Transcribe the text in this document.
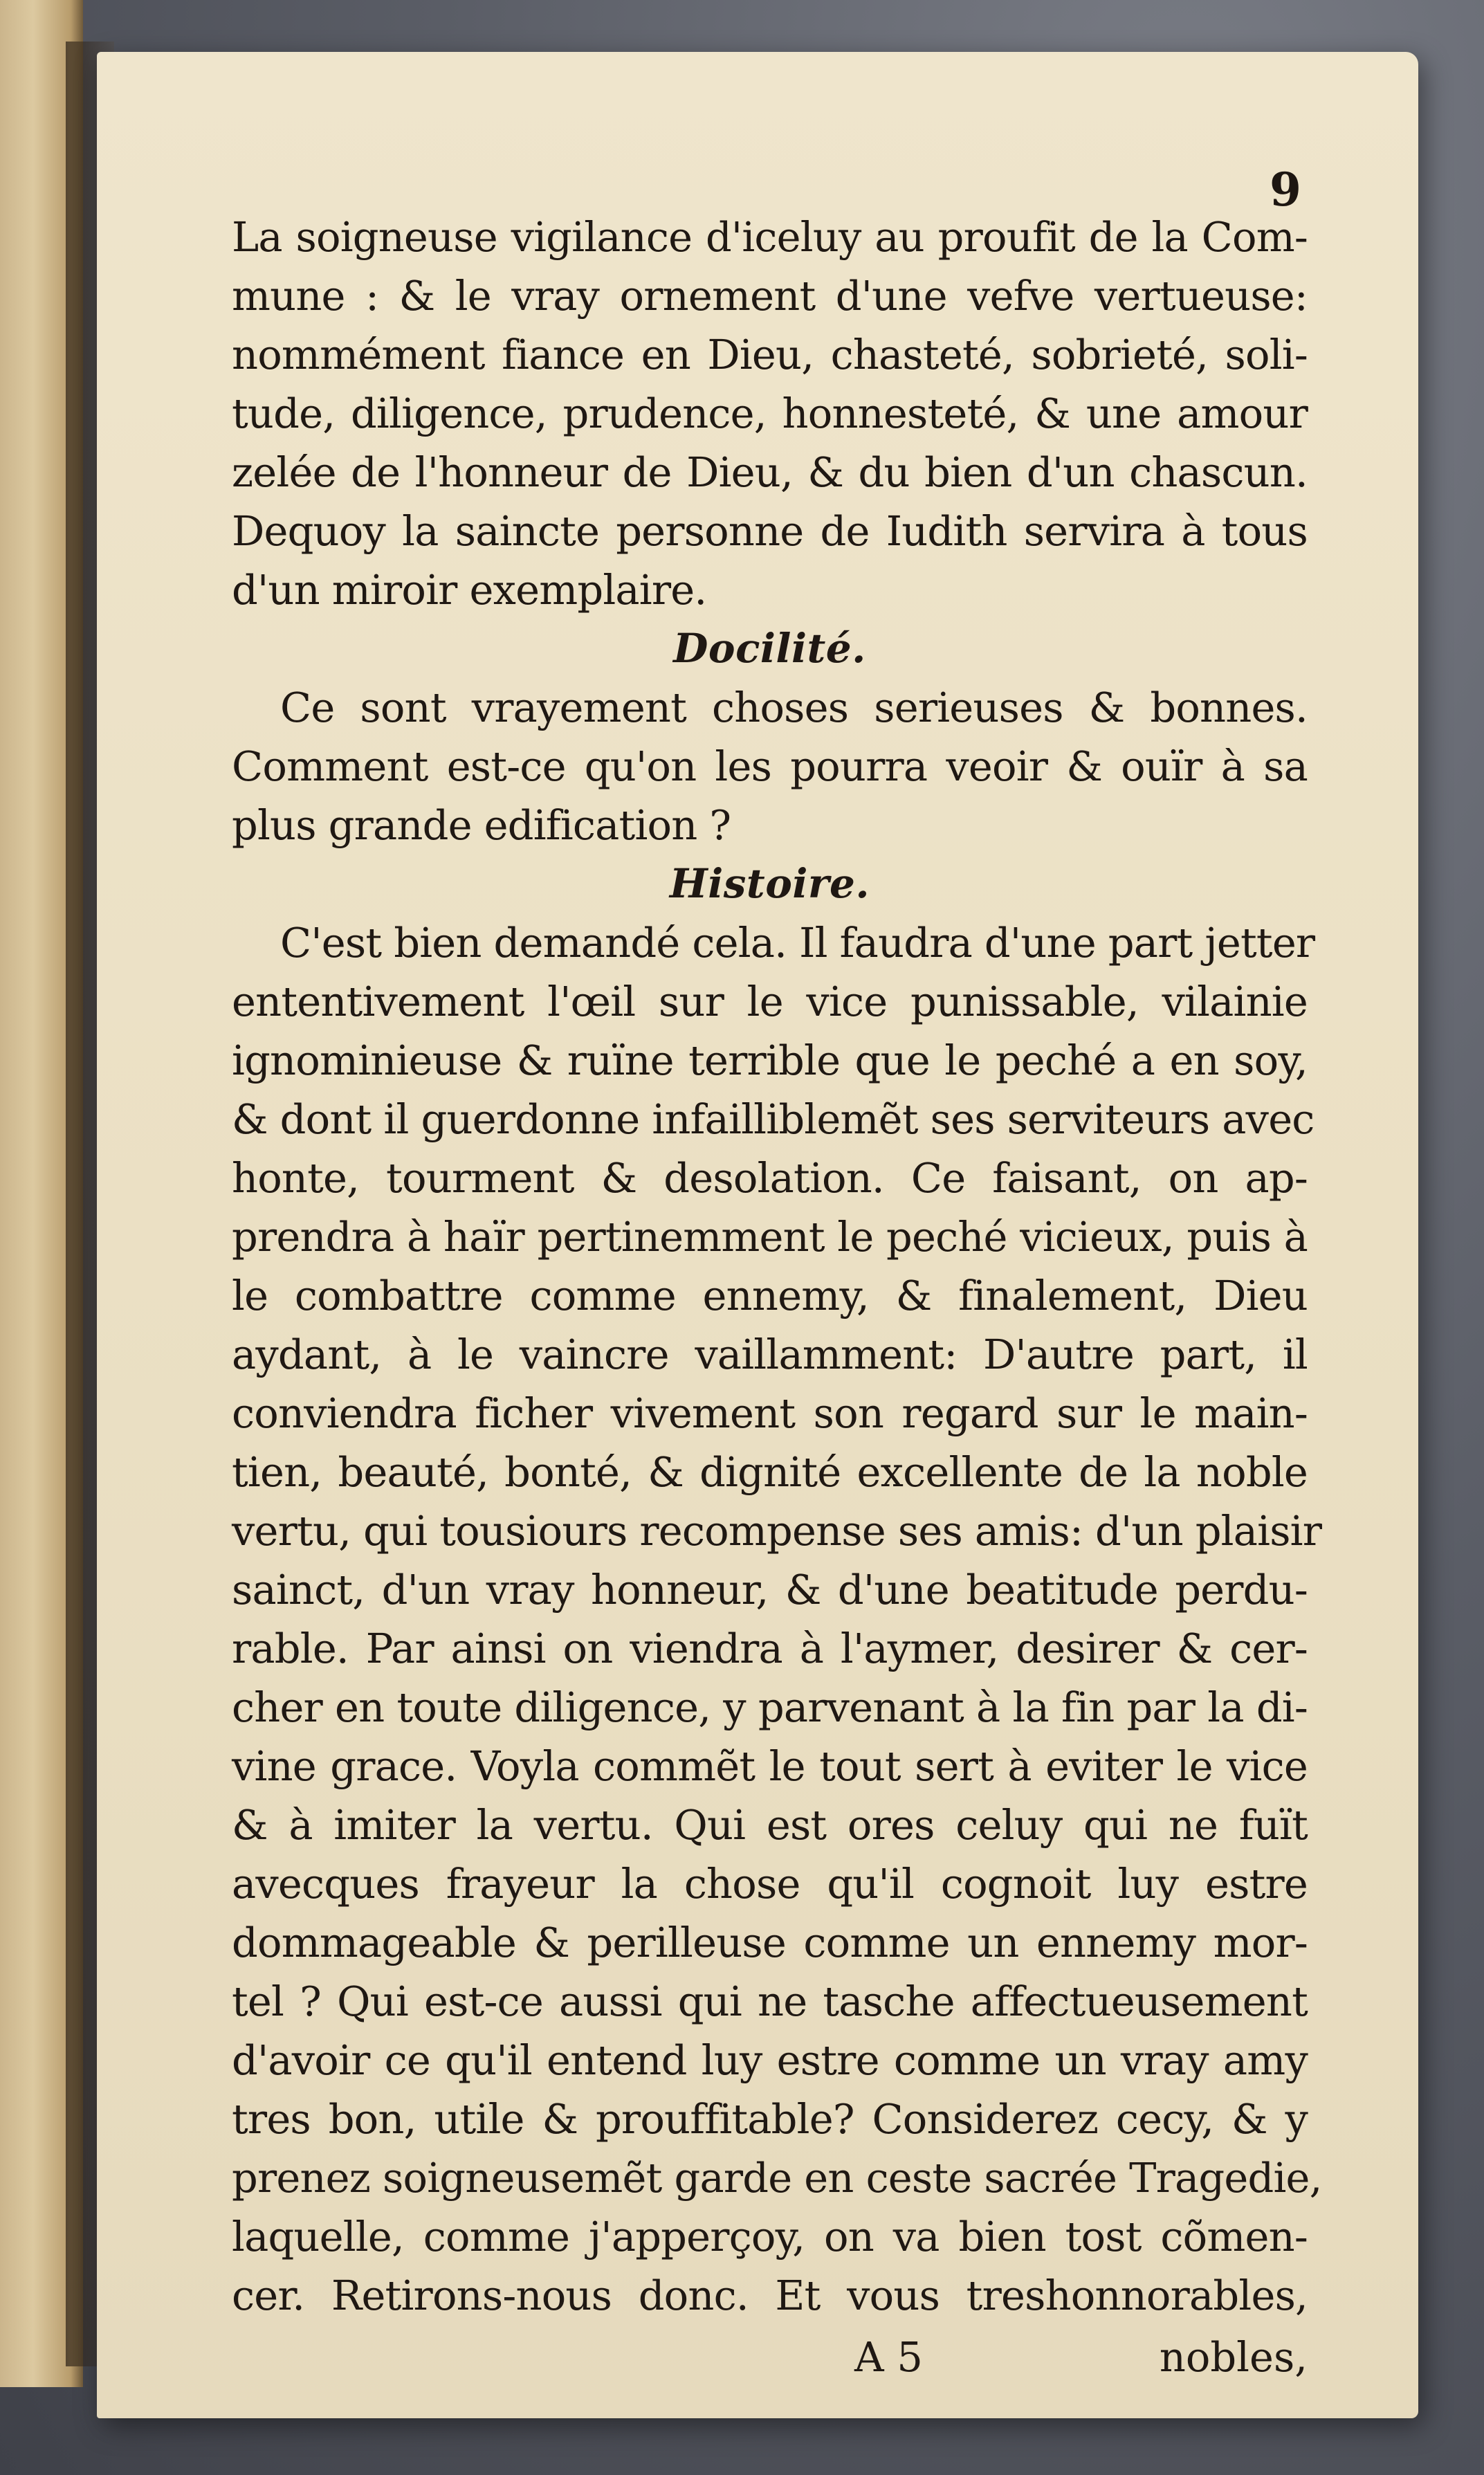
9
La soigneuse vigilance d'iceluy au proufit de la Com-
mune : & le vray ornement d'une vefve vertueuse:
nommément fiance en Dieu, chasteté, sobrieté, soli-
tude, diligence, prudence, honnesteté, & une amour
zelée de l'honneur de Dieu, & du bien d'un chascun.
Dequoy la saincte personne de Iudith servira à tous
d'un miroir exemplaire.
Docilité.
Ce sont vrayement choses serieuses & bonnes.
Comment est-ce qu'on les pourra veoir & ouïr à sa
plus grande edification ?
Histoire.
C'est bien demandé cela. Il faudra d'une part jetter
ententivement l'œil sur le vice punissable, vilainie
ignominieuse & ruïne terrible que le peché a en soy,
& dont il guerdonne infailliblemẽt ses serviteurs avec
honte, tourment & desolation. Ce faisant, on ap-
prendra à haïr pertinemment le peché vicieux, puis à
le combattre comme ennemy, & finalement, Dieu
aydant, à le vaincre vaillamment: D'autre part, il
conviendra ficher vivement son regard sur le main-
tien, beauté, bonté, & dignité excellente de la noble
vertu, qui tousiours recompense ses amis: d'un plaisir
sainct, d'un vray honneur, & d'une beatitude perdu-
rable. Par ainsi on viendra à l'aymer, desirer & cer-
cher en toute diligence, y parvenant à la fin par la di-
vine grace. Voyla commẽt le tout sert à eviter le vice
& à imiter la vertu. Qui est ores celuy qui ne fuït
avecques frayeur la chose qu'il cognoit luy estre
dommageable & perilleuse comme un ennemy mor-
tel ? Qui est-ce aussi qui ne tasche affectueusement
d'avoir ce qu'il entend luy estre comme un vray amy
tres bon, utile & prouffitable? Considerez cecy, & y
prenez soigneusemẽt garde en ceste sacrée Tragedie,
laquelle, comme j'apperçoy, on va bien tost cõmen-
cer. Retirons-nous donc. Et vous treshonnorables,
A 5	nobles,
